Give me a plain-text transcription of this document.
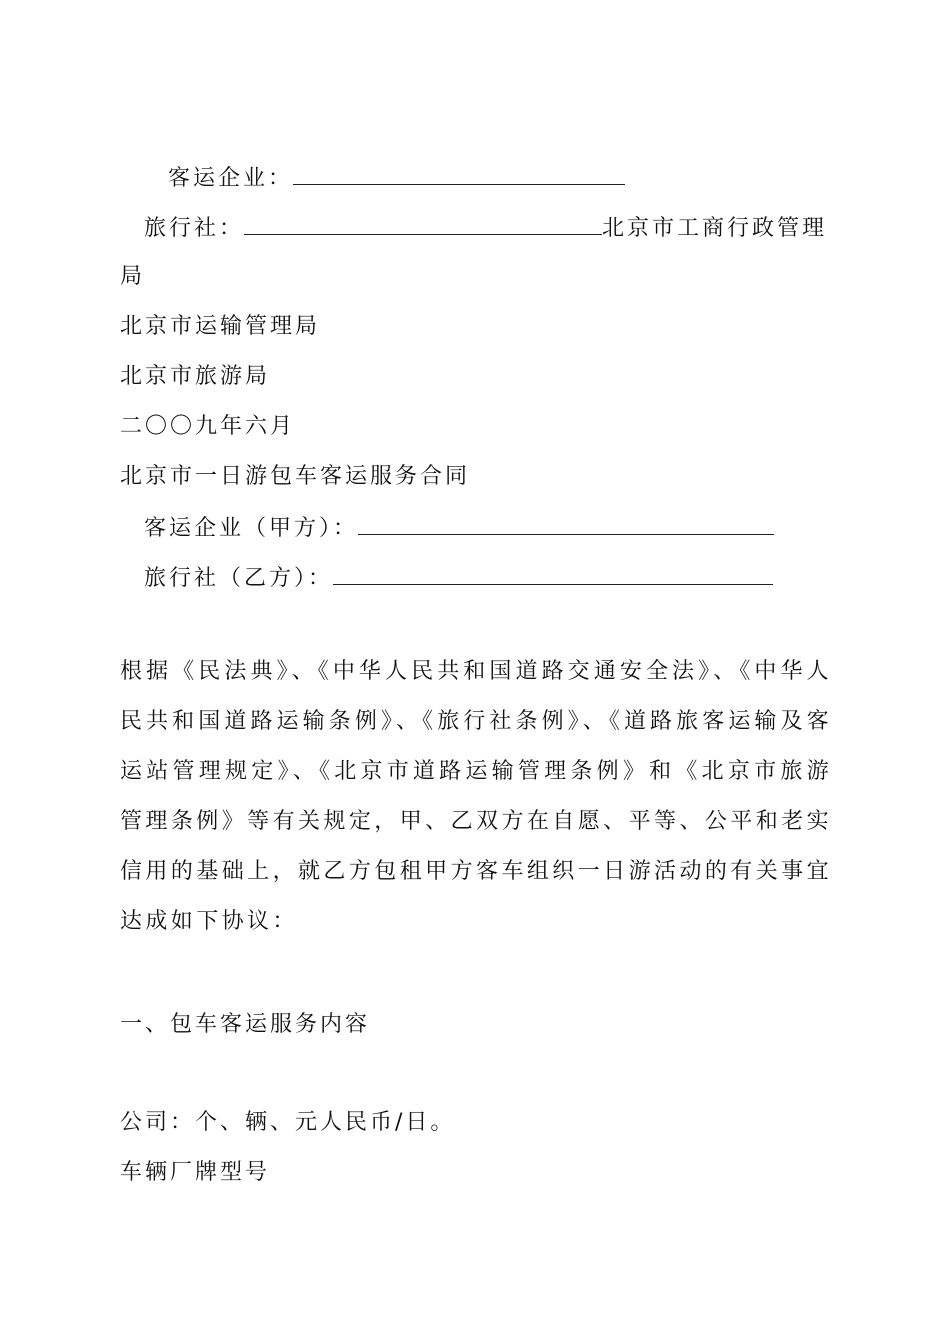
客运企业：
旅行社：	北京市工商行政管理
局
北京市运输管理局
北京市旅游局
二〇〇九年六月
北京市一日游包车客运服务合同
客运企业（甲方）：
旅行社（乙方）：
根据《民法典》、《中华人民共和国道路交通安全法》、《中华人民共和国道路运输条例》、《旅行社条例》、《道路旅客运输及客运站管理规定》、《北京市道路运输管理条例》和《北京市旅游管理条例》等有关规定，甲、乙双方在自愿、平等、公平和老实信用的基础上，就乙方包租甲方客车组织一日游活动的有关事宜达成如下协议：
一、包车客运服务内容
公司：个、辆、元人民币/日。
车辆厂牌型号
